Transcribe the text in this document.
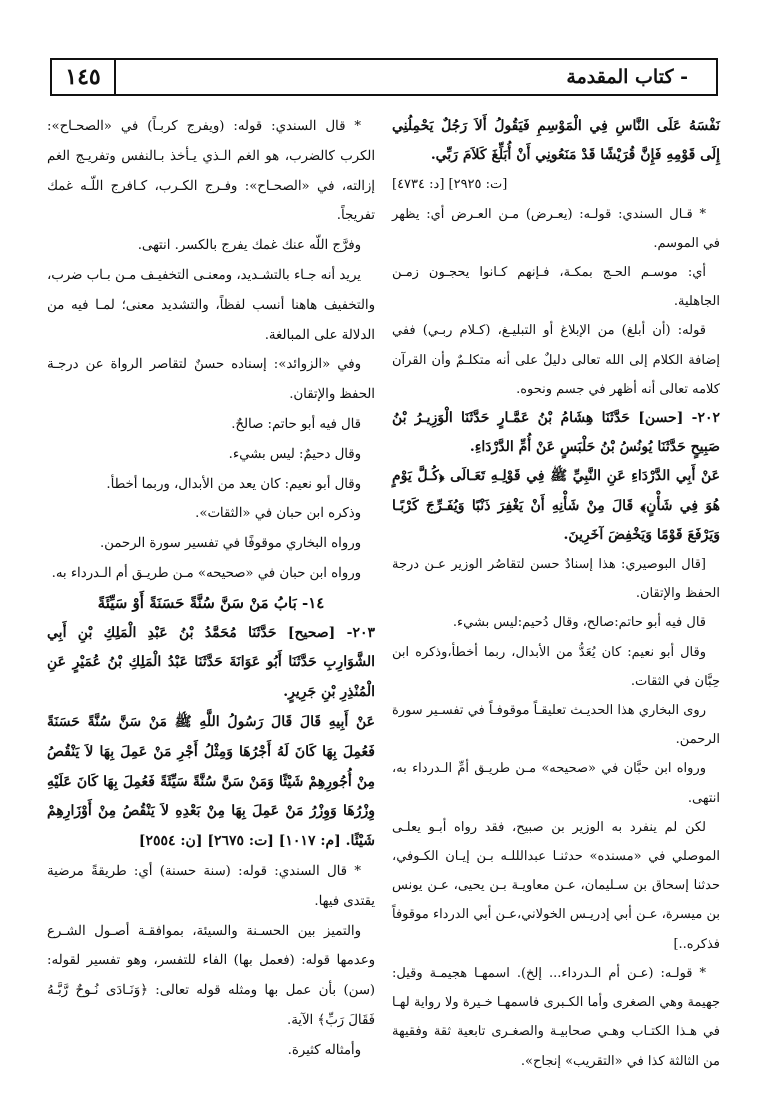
١٤٥	- كتاب المقدمة

نَفْسَهُ عَلَى النَّاسِ فِي الْمَوْسِمِ فَيَقُولُ أَلاَ رَجُلٌ يَحْمِلُنِي إِلَى قَوْمِهِ فَإِنَّ قُرَيْشًا قَدْ مَنَعُونِي أَنْ أُبَلِّغَ كَلاَمَ رَبِّي.

[ت: ٢٩٢٥] [د: ٤٧٣٤]

* قـال السندي: قولـه: (يعـرض) مـن العـرض أي: يظهر في الموسم.

أي: موسـم الحـج بمكـة، فـإنهم كـانوا يحجـون زمـن الجاهلية.

قوله: (أن أبلغ) من الإبلاغ أو التبليـغ، (كـلام ربـي) ففي إضافة الكلام إلى الله تعالى دليلٌ على أنه متكلـمٌ وأن القرآن كلامه تعالى أنه أظهر في جسم ونحوه.

٢٠٢- [حسن] حَدَّثَنَا هِشَامُ بْنُ عَمَّـارٍ حَدَّثَنَا الْوَزِيـرُ بْنُ صَبِيحٍ حَدَّثَنَا يُونُسُ بْنُ حَلْبَسٍ عَنْ أُمِّ الدَّرْدَاءِ.

عَنْ أَبِي الدَّرْدَاءِ عَنِ النَّبِيِّ ﷺ فِي قَوْلِـهِ تَعَـالَى ﴿كُـلَّ يَوْمٍ هُوَ فِي شَأْنٍ﴾ قَالَ مِنْ شَأْنِهِ أَنْ يَغْفِرَ ذَنْبًا وَيُفَـرِّجَ كَرْبًـا وَيَرْفَعَ قَوْمًا وَيَخْفِضَ آخَرِينَ.

[قال البوصيري: هذا إسنادٌ حسن لتقاصُر الوزير عـن درجة الحفظ والإتقان.

قال فيه أبو حاتم:صالح، وقال دُحيم:ليس بشيء.

وقال أبو نعيم: كان يُعَدُّ من الأبدال، ربما أخطأ،وذكره ابن حِبَّان في الثقات.

روى البخاري هذا الحديـث تعليقـاً موقوفـاً في تفسـير سورة الرحمن.

ورواه ابن حبَّان في «صحيحه» مـن طريـق أمِّ الـدرداء به، انتهى.

لكن لم ينفرد به الوزير بن صبيح، فقد رواه أبـو يعلـى الموصلي في «مسنده» حدثنـا عبدالللـه بـن إيـان الكـوفي، حدثنا إسحاق بن سـليمان، عـن معاويـة بـن يحيى، عـن يونس بن ميسرة، عـن أبي إدريـس الخولاني،عـن أبي الدرداء موقوفاً فذكره..]

* قولـه: (عـن أم الـدرداء... إلخ). اسمهـا هجيمـة وقيل: جهيمة وهي الصغرى وأما الكـبرى فاسمهـا خـيرة ولا رواية لهـا في هـذا الكتـاب وهـي صحابيـة والصغـرى تابعية ثقة وفقيهة من الثالثة كذا في «التقريب» إنجاح».

* قال السندي: قوله: (ويفرج كربـاً) في «الصحـاح»: الكرب كالضرب، هو الغم الـذي يـأخذ بـالنفس وتفريـج الغم إزالته، في «الصحـاح»: وفـرج الكـرب، كـافرج اللّـه غمك تفريجاً.

وفرَّج اللّه عنك غمك يفرج بالكسر. انتهى.

يريد أنه جـاء بالتشـديد، ومعنـى التخفيـف مـن بـاب ضرب، والتخفيف هاهنا أنسب لفظاً، والتشديد معنى؛ لمـا فيه من الدلالة على المبالغة.

وفي «الزوائد»: إسناده حسنٌ لتقاصر الرواة عن درجـة الحفظ والإتقان.

قال فيه أبو حاتم: صالحٌ.

وقال دحيمٌ: ليس بشيء.

وقال أبو نعيم: كان يعد من الأبدال، وربما أخطأ.

وذكره ابن حبان في «الثقات».

ورواه البخاري موقوفًا في تفسير سورة الرحمن.

ورواه ابن حبان في «صحيحه» مـن طريـق أم الـدرداء به.

١٤- بَابُ مَنْ سَنَّ سُنَّةً حَسَنَةً أَوْ سَيِّئَةً

٢٠٣- [صحيح] حَدَّثَنَا مُحَمَّدُ بْنُ عَبْدِ الْمَلِكِ بْنِ أَبِي الشَّوَارِبِ حَدَّثَنَا أَبُو عَوَانَةَ حَدَّثَنَا عَبْدُ الْمَلِكِ بْنُ عُمَيْرٍ عَنِ الْمُنْذِرِ بْنِ جَرِيرٍ.

عَنْ أَبِيهِ قَالَ قَالَ رَسُولُ اللَّهِ ﷺ مَنْ سَنَّ سُنَّةً حَسَنَةً فَعُمِلَ بِهَا كَانَ لَهُ أَجْرُهَا وَمِثْلُ أَجْرِ مَنْ عَمِلَ بِهَا لاَ يَنْقُصُ مِنْ أُجُورِهِمْ شَيْئًا وَمَنْ سَنَّ سُنَّةً سَيِّئَةً فَعُمِلَ بِهَا كَانَ عَلَيْهِ وِزْرُهَا وَوِزْرُ مَنْ عَمِلَ بِهَا مِنْ بَعْدِهِ لاَ يَنْقُصُ مِنْ أَوْزَارِهِمْ شَيْئًا. [م: ١٠١٧] [ت: ٢٦٧٥] [ن: ٢٥٥٤]

* قال السندي: قوله: (سنة حسنة) أي: طريقةً مرضية يقتدى فيها.

والتميز بين الحسـنة والسيئة، بموافقـة أصـول الشـرع وعدمها قوله: (فعمل بها) الفاء للتفسر، وهو تفسير لقوله: (سن) بأن عمل بها ومثله قوله تعالى: ﴿وَنَـادَى نُـوحٌ رَّبَّـهُ فَقَالَ رَبِّ﴾ الآية.

وأمثاله كثيرة.
